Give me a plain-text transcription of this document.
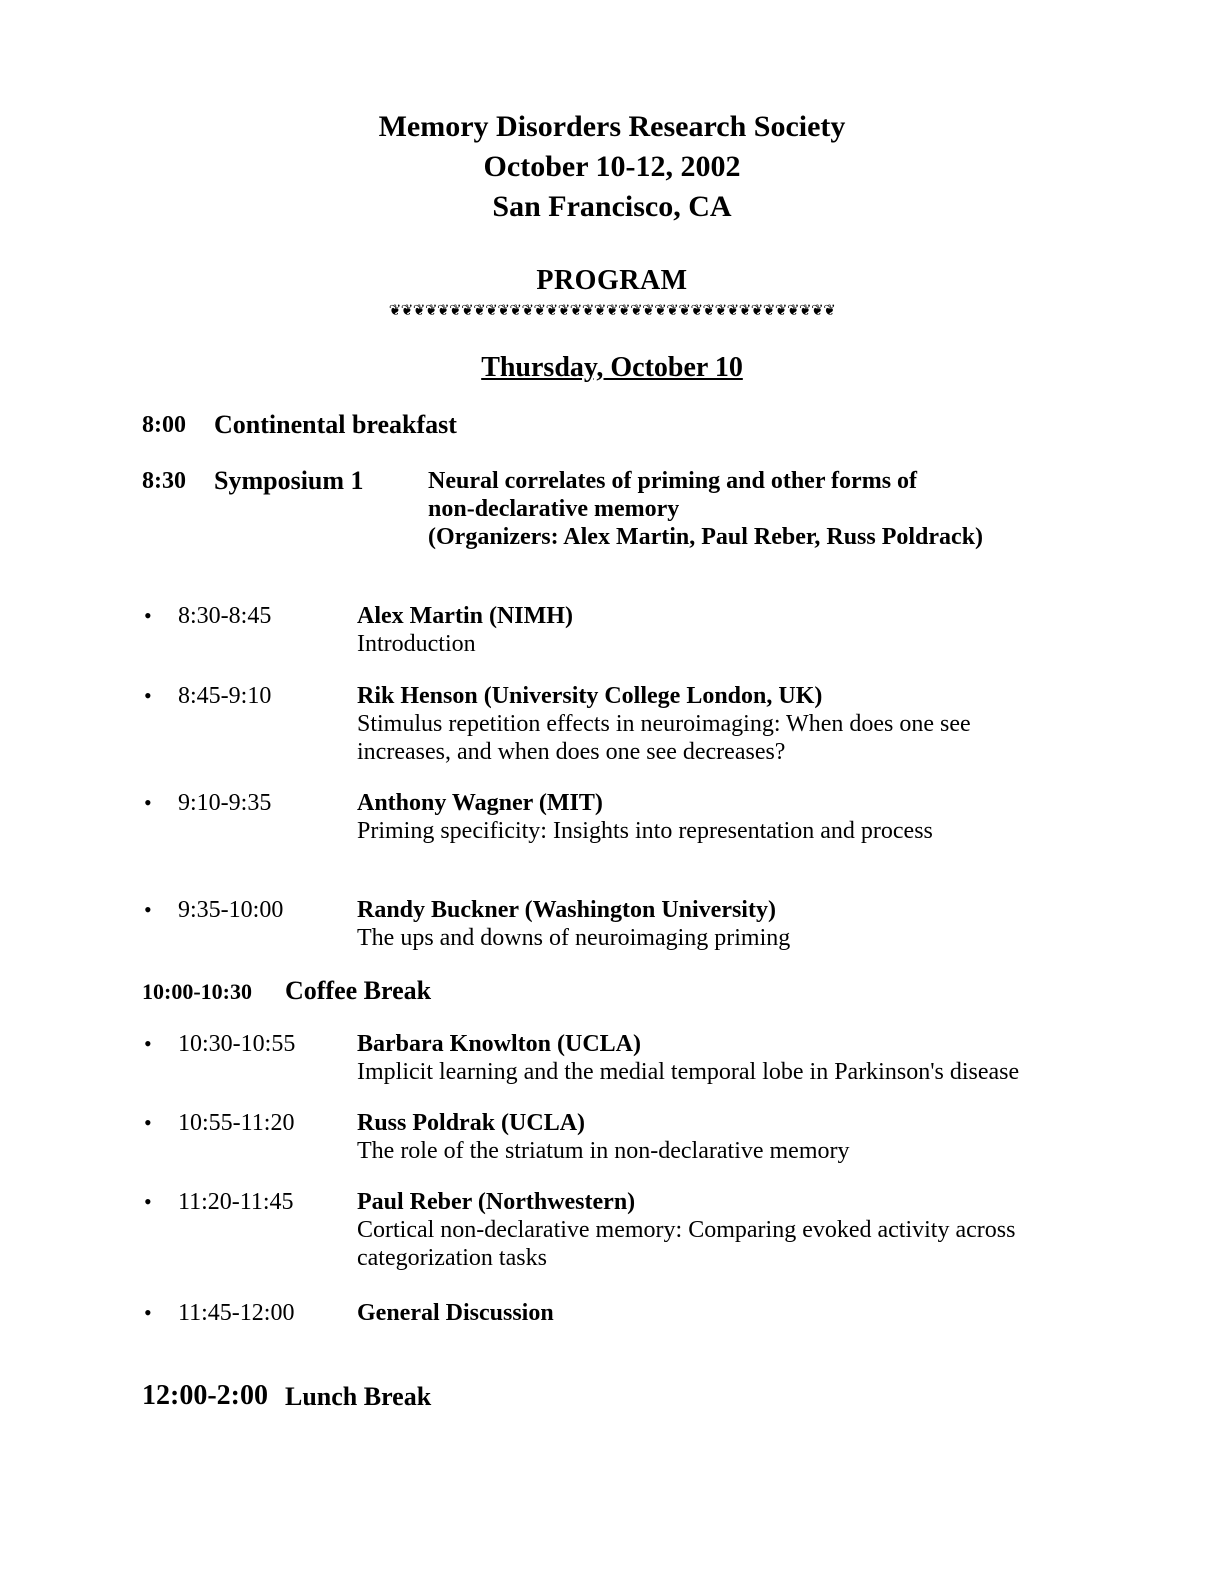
Memory Disorders Research Society
October 10-12, 2002
San Francisco, CA
PROGRAM
❦❦❦❦❦❦❦❦❦❦❦❦❦❦❦❦❦❦❦❦❦❦❦❦❦❦❦❦❦❦❦❦❦❦❦❦❦
Thursday, October 10
8:00 Continental breakfast
8:30 Symposium 1	Neural correlates of priming and other forms of
non-declarative memory
(Organizers: Alex Martin, Paul Reber, Russ Poldrack)
• 8:30-8:45	Alex Martin (NIMH)
Introduction
• 8:45-9:10	Rik Henson (University College London, UK)
Stimulus repetition effects in neuroimaging: When does one see increases, and when does one see decreases?
• 9:10-9:35	Anthony Wagner (MIT)
Priming specificity: Insights into representation and process
• 9:35-10:00	Randy Buckner (Washington University)
The ups and downs of neuroimaging priming
10:00-10:30 Coffee Break
• 10:30-10:55	Barbara Knowlton (UCLA)
Implicit learning and the medial temporal lobe in Parkinson's disease
• 10:55-11:20	Russ Poldrak (UCLA)
The role of the striatum in non-declarative memory
• 11:20-11:45	Paul Reber (Northwestern)
Cortical non-declarative memory: Comparing evoked activity across categorization tasks
• 11:45-12:00	General Discussion
12:00-2:00 Lunch Break
